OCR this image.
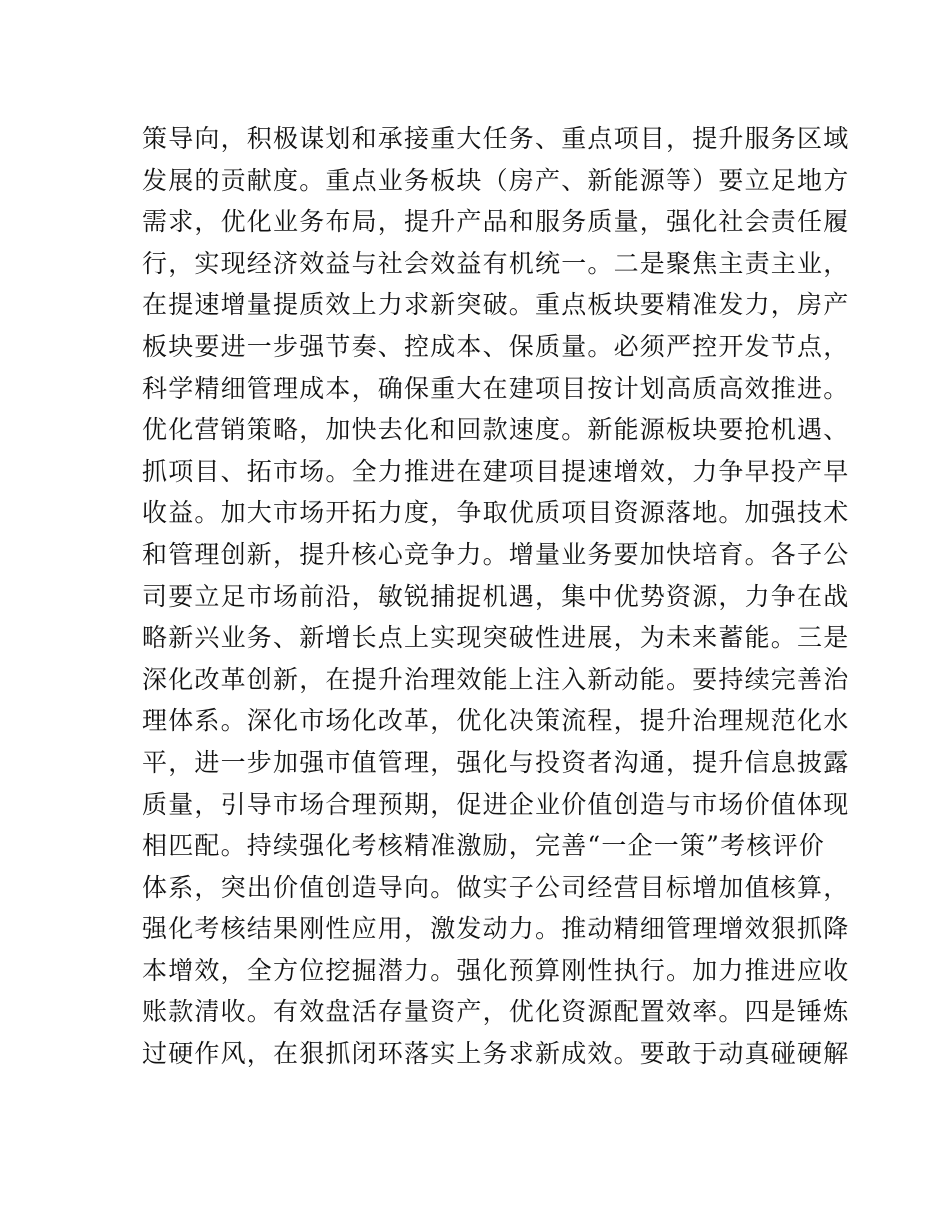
策导向，积极谋划和承接重大任务、重点项目，提升服务区域
发展的贡献度。重点业务板块（房产、新能源等）要立足地方
需求，优化业务布局，提升产品和服务质量，强化社会责任履
行，实现经济效益与社会效益有机统一。二是聚焦主责主业，
在提速增量提质效上力求新突破。重点板块要精准发力，房产
板块要进一步强节奏、控成本、保质量。必须严控开发节点，
科学精细管理成本，确保重大在建项目按计划高质高效推进。
优化营销策略，加快去化和回款速度。新能源板块要抢机遇、
抓项目、拓市场。全力推进在建项目提速增效，力争早投产早
收益。加大市场开拓力度，争取优质项目资源落地。加强技术
和管理创新，提升核心竞争力。增量业务要加快培育。各子公
司要立足市场前沿，敏锐捕捉机遇，集中优势资源，力争在战
略新兴业务、新增长点上实现突破性进展，为未来蓄能。三是
深化改革创新，在提升治理效能上注入新动能。要持续完善治
理体系。深化市场化改革，优化决策流程，提升治理规范化水
平，进一步加强市值管理，强化与投资者沟通，提升信息披露
质量，引导市场合理预期，促进企业价值创造与市场价值体现
相匹配。持续强化考核精准激励，完善“一企一策”考核评价
体系，突出价值创造导向。做实子公司经营目标增加值核算，
强化考核结果刚性应用，激发动力。推动精细管理增效狠抓降
本增效，全方位挖掘潜力。强化预算刚性执行。加力推进应收
账款清收。有效盘活存量资产，优化资源配置效率。四是锤炼
过硬作风，在狠抓闭环落实上务求新成效。要敢于动真碰硬解
